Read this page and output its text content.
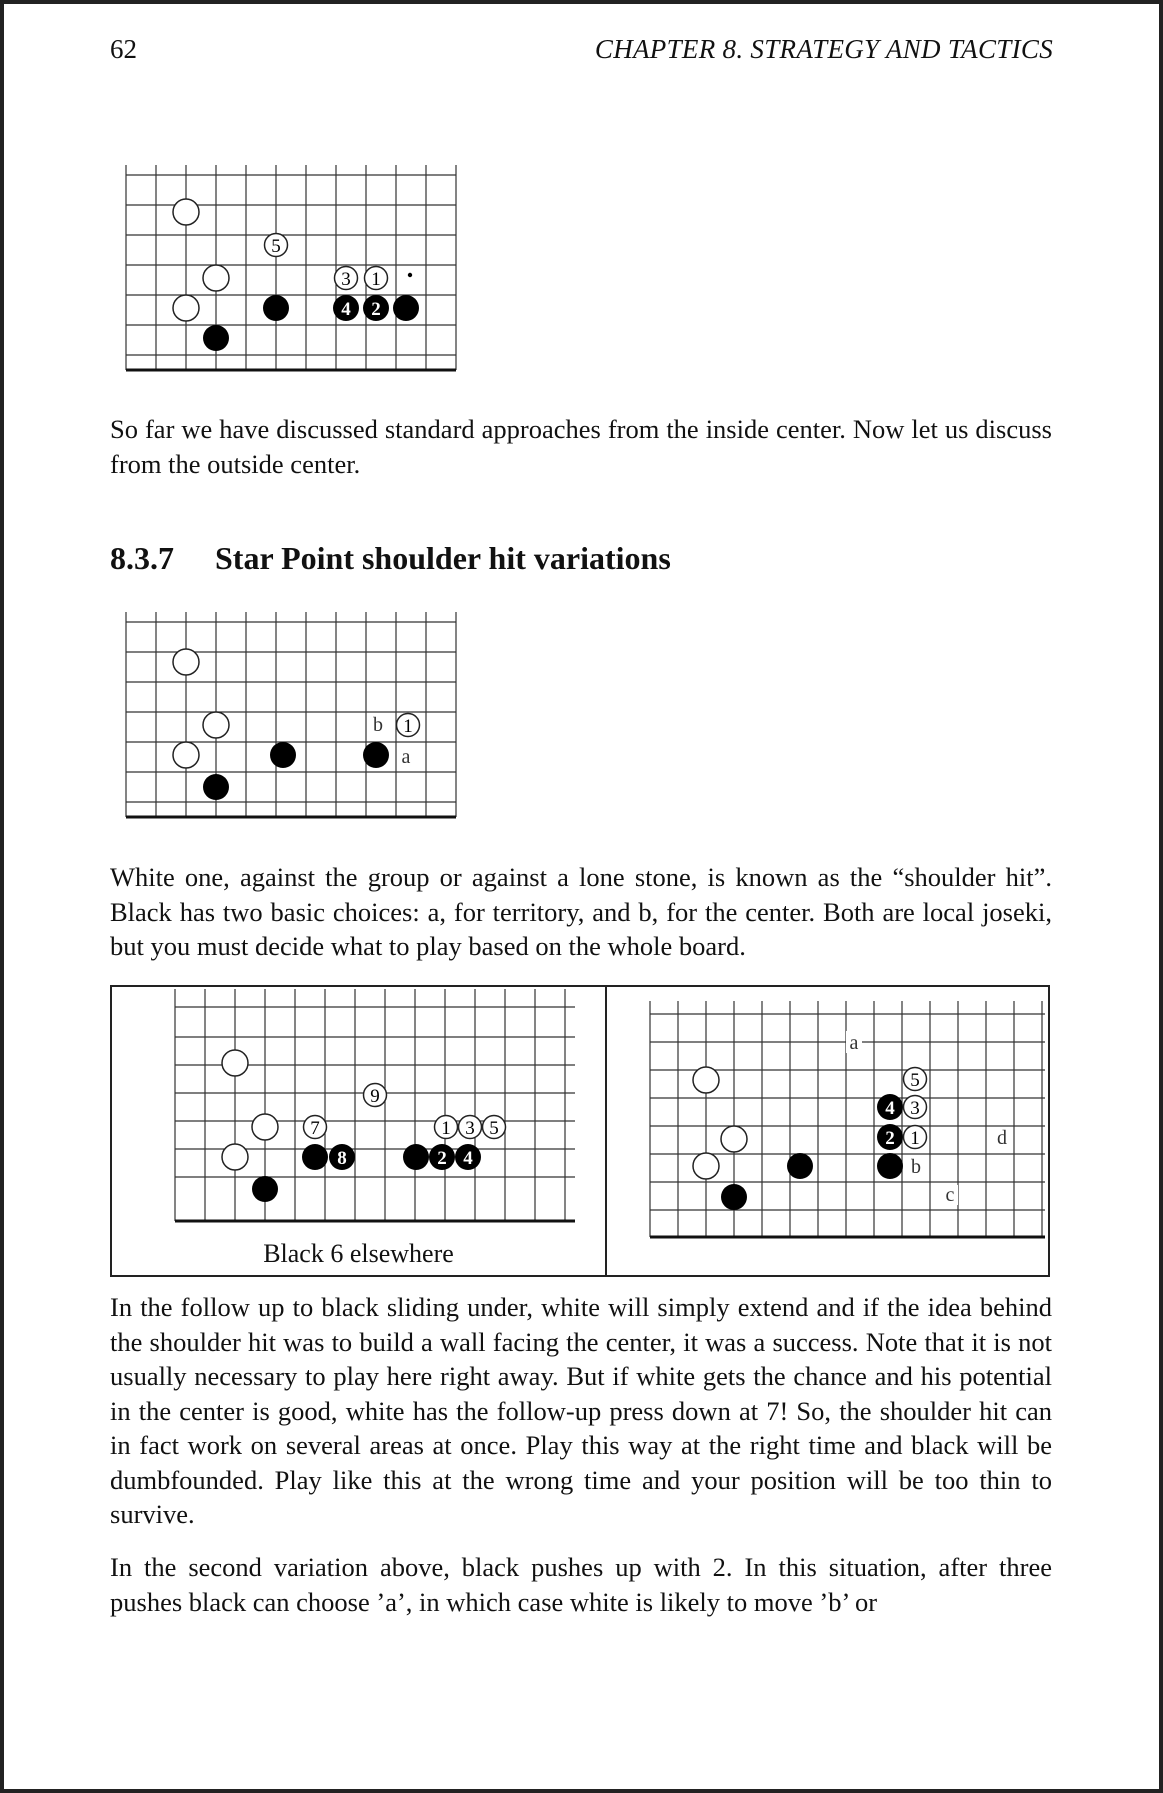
62	CHAPTER 8. STRATEGY AND TACTICS
5
3 1
4 2
So far we have discussed standard approaches from the inside center. Now let us discuss from the outside center.
8.3.7 Star Point shoulder hit variations
b 1
a
White one, against the group or against a lone stone, is known as the “shoulder hit”. Black has two basic choices: a, for territory, and b, for the center. Both are local joseki, but you must decide what to play based on the whole board.
9
7	1 3 5
8	2 4
Black 6 elsewhere
a
5
4 3
2 1
b
c
d
In the follow up to black sliding under, white will simply extend and if the idea behind the shoulder hit was to build a wall facing the center, it was a success. Note that it is not usually necessary to play here right away. But if white gets the chance and his potential in the center is good, white has the follow-up press down at 7! So, the shoulder hit can in fact work on several areas at once. Play this way at the right time and black will be dumbfounded. Play like this at the wrong time and your position will be too thin to survive.
In the second variation above, black pushes up with 2. In this situation, after three pushes black can choose ’a’, in which case white is likely to move ’b’ or
